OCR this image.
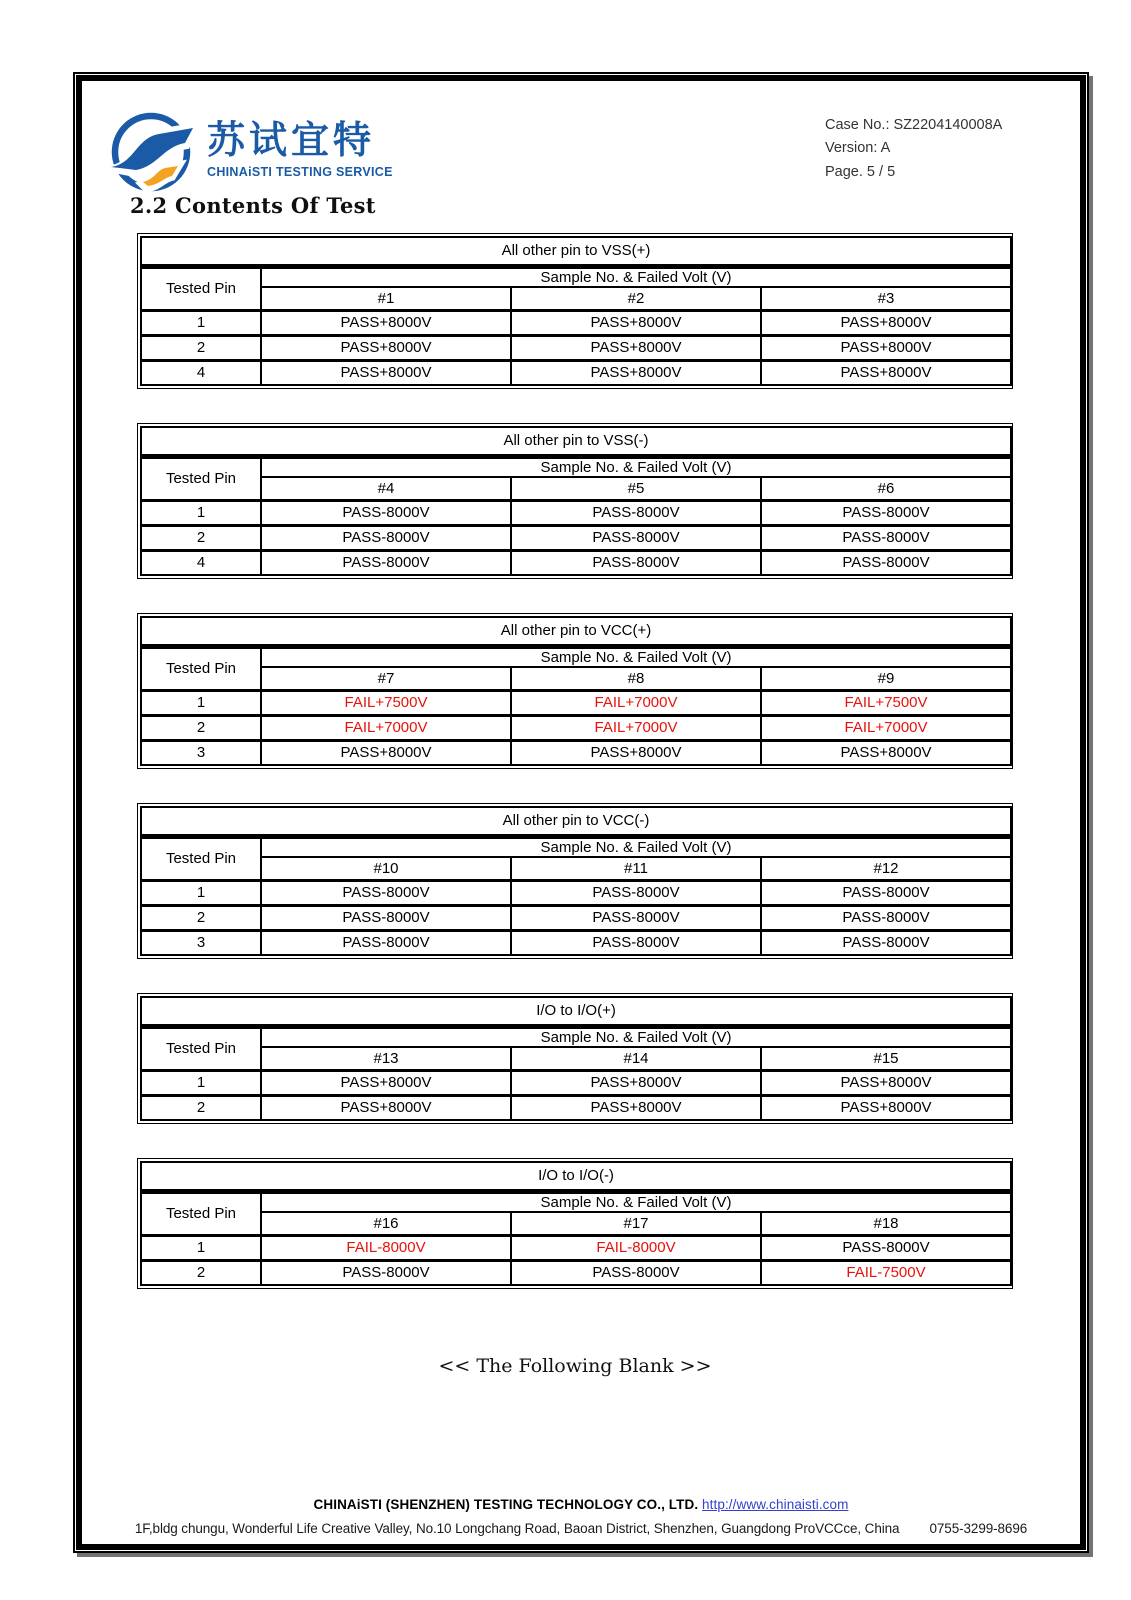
苏试宜特
CHINAiSTI TESTING SERVICE
Case No.: SZ2204140008A
Version: A
Page. 5 / 5
2.2 Contents Of Test
All other pin to VSS(+)			
Tested Pin	Sample No. & Failed Volt (V)		
	#1	#2	#3
1	PASS+8000V	PASS+8000V	PASS+8000V
2	PASS+8000V	PASS+8000V	PASS+8000V
4	PASS+8000V	PASS+8000V	PASS+8000V
All other pin to VSS(-)			
Tested Pin	Sample No. & Failed Volt (V)		
	#4	#5	#6
1	PASS-8000V	PASS-8000V	PASS-8000V
2	PASS-8000V	PASS-8000V	PASS-8000V
4	PASS-8000V	PASS-8000V	PASS-8000V
All other pin to VCC(+)			
Tested Pin	Sample No. & Failed Volt (V)		
	#7	#8	#9
1	FAIL+7500V	FAIL+7000V	FAIL+7500V
2	FAIL+7000V	FAIL+7000V	FAIL+7000V
3	PASS+8000V	PASS+8000V	PASS+8000V
All other pin to VCC(-)			
Tested Pin	Sample No. & Failed Volt (V)		
	#10	#11	#12
1	PASS-8000V	PASS-8000V	PASS-8000V
2	PASS-8000V	PASS-8000V	PASS-8000V
3	PASS-8000V	PASS-8000V	PASS-8000V
I/O to I/O(+)			
Tested Pin	Sample No. & Failed Volt (V)		
	#13	#14	#15
1	PASS+8000V	PASS+8000V	PASS+8000V
2	PASS+8000V	PASS+8000V	PASS+8000V
I/O to I/O(-)			
Tested Pin	Sample No. & Failed Volt (V)		
	#16	#17	#18
1	FAIL-8000V	FAIL-8000V	PASS-8000V
2	PASS-8000V	PASS-8000V	FAIL-7500V
<< The Following Blank >>
CHINAiSTI (SHENZHEN) TESTING TECHNOLOGY CO., LTD. http://www.chinaisti.com
1F,bldg chungu, Wonderful Life Creative Valley, No.10 Longchang Road, Baoan District, Shenzhen, Guangdong ProVCCce, China 0755-3299-8696
